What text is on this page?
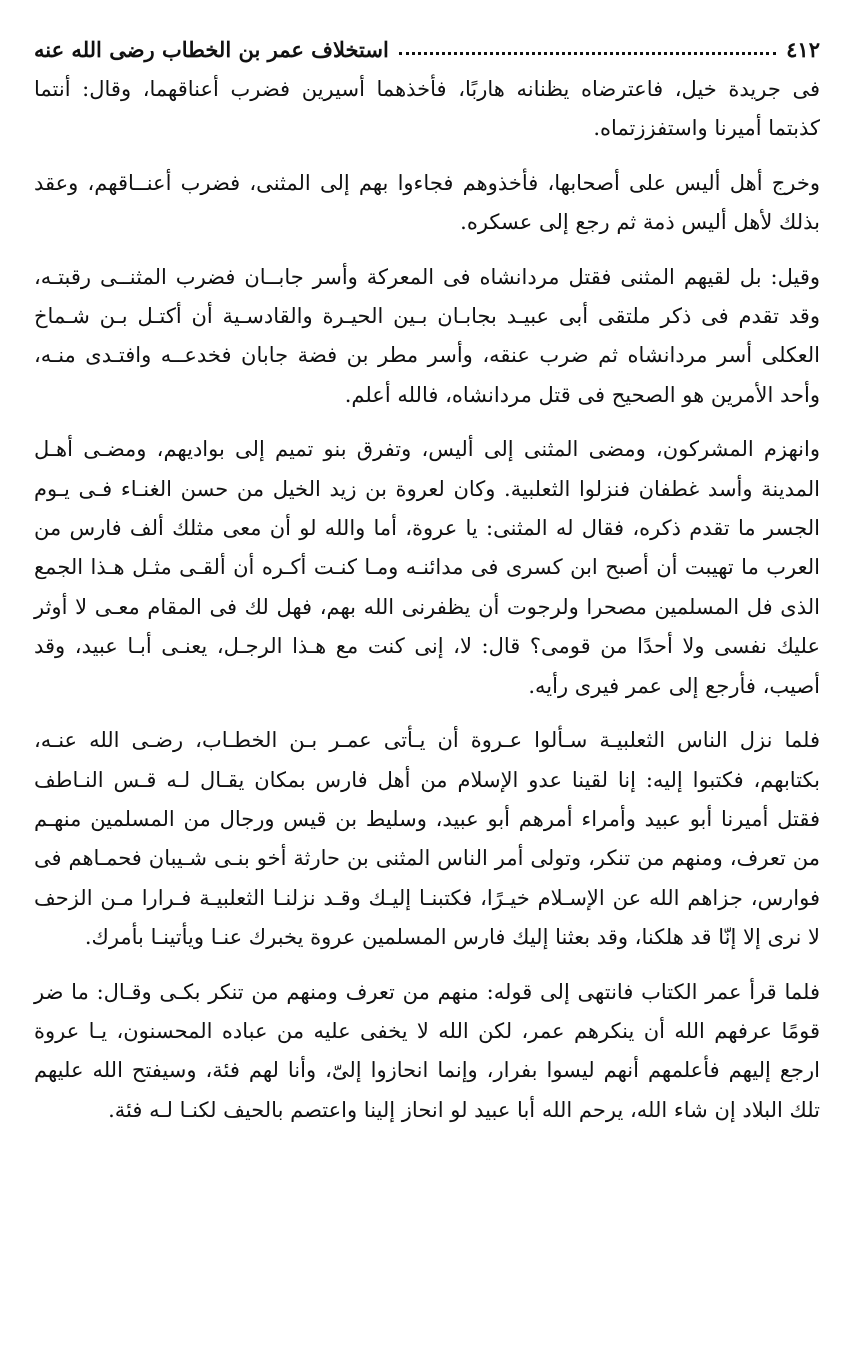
٤١٢
استخلاف عمر بن الخطاب رضى الله عنه

فى جريدة خيل، فاعترضاه يظنانه هاربًا، فأخذهما أسيرين فضرب أعناقهما، وقال: أنتما كذبتما أميرنا واستفززتماه.

وخرج أهل أليس على أصحابها، فأخذوهم فجاءوا بهم إلى المثنى، فضرب أعنــاقهم، وعقد بذلك لأهل أليس ذمة ثم رجع إلى عسكره.

وقيل: بل لقيهم المثنى فقتل مردانشاه فى المعركة وأسر جابــان فضرب المثنــى رقبتـه، وقد تقدم فى ذكر ملتقى أبى عبيـد بجابـان بـين الحيـرة والقادسـية أن أكتـل بـن شـماخ العكلى أسر مردانشاه ثم ضرب عنقه، وأسر مطر بن فضة جابان فخدعــه وافتـدى منـه، وأحد الأمرين هو الصحيح فى قتل مردانشاه، فالله أعلم.

وانهزم المشركون، ومضى المثنى إلى أليس، وتفرق بنو تميم إلى بواديهم، ومضـى أهـل المدينة وأسد غطفان فنزلوا الثعلبية. وكان لعروة بن زيد الخيل من حسن الغنـاء فـى يـوم الجسر ما تقدم ذكره، فقال له المثنى: يا عروة، أما والله لو أن معى مثلك ألف فارس من العرب ما تهيبت أن أصبح ابن كسرى فى مدائنـه ومـا كنـت أكـره أن ألقـى مثـل هـذا الجمع الذى فل المسلمين مصحرا ولرجوت أن يظفرنى الله بهم، فهل لك فى المقام معـى لا أوثر عليك نفسى ولا أحدًا من قومى؟ قال: لا، إنى كنت مع هـذا الرجـل، يعنـى أبـا عبيد، وقد أصيب، فأرجع إلى عمر فيرى رأيه.

فلما نزل الناس الثعلبيـة سـألوا عـروة أن يـأتى عمـر بـن الخطـاب، رضـى الله عنـه، بكتابهم، فكتبوا إليه: إنا لقينا عدو الإسلام من أهل فارس بمكان يقـال لـه قـس النـاطف فقتل أميرنا أبو عبيد وأمراء أمرهم أبو عبيد، وسليط بن قيس ورجال من المسلمين منهـم من تعرف، ومنهم من تنكر، وتولى أمر الناس المثنى بن حارثة أخو بنـى شـيبان فحمـاهم فى فوارس، جزاهم الله عن الإسـلام خيـرًا، فكتبنـا إليـك وقـد نزلنـا الثعلبيـة فـرارا مـن الزحف لا نرى إلا إنّا قد هلكنا، وقد بعثنا إليك فارس المسلمين عروة يخبرك عنـا ويأتينـا بأمرك.

فلما قرأ عمر الكتاب فانتهى إلى قوله: منهم من تعرف ومنهم من تنكر بكـى وقـال: ما ضر قومًا عرفهم الله أن ينكرهم عمر، لكن الله لا يخفى عليه من عباده المحسنون، يـا عروة ارجع إليهم فأعلمهم أنهم ليسوا بفرار، وإنما انحازوا إلىّ، وأنا لهم فئة، وسيفتح الله عليهم تلك البلاد إن شاء الله، يرحم الله أبا عبيد لو انحاز إلينا واعتصم بالحيف لكنـا لـه فئة.
